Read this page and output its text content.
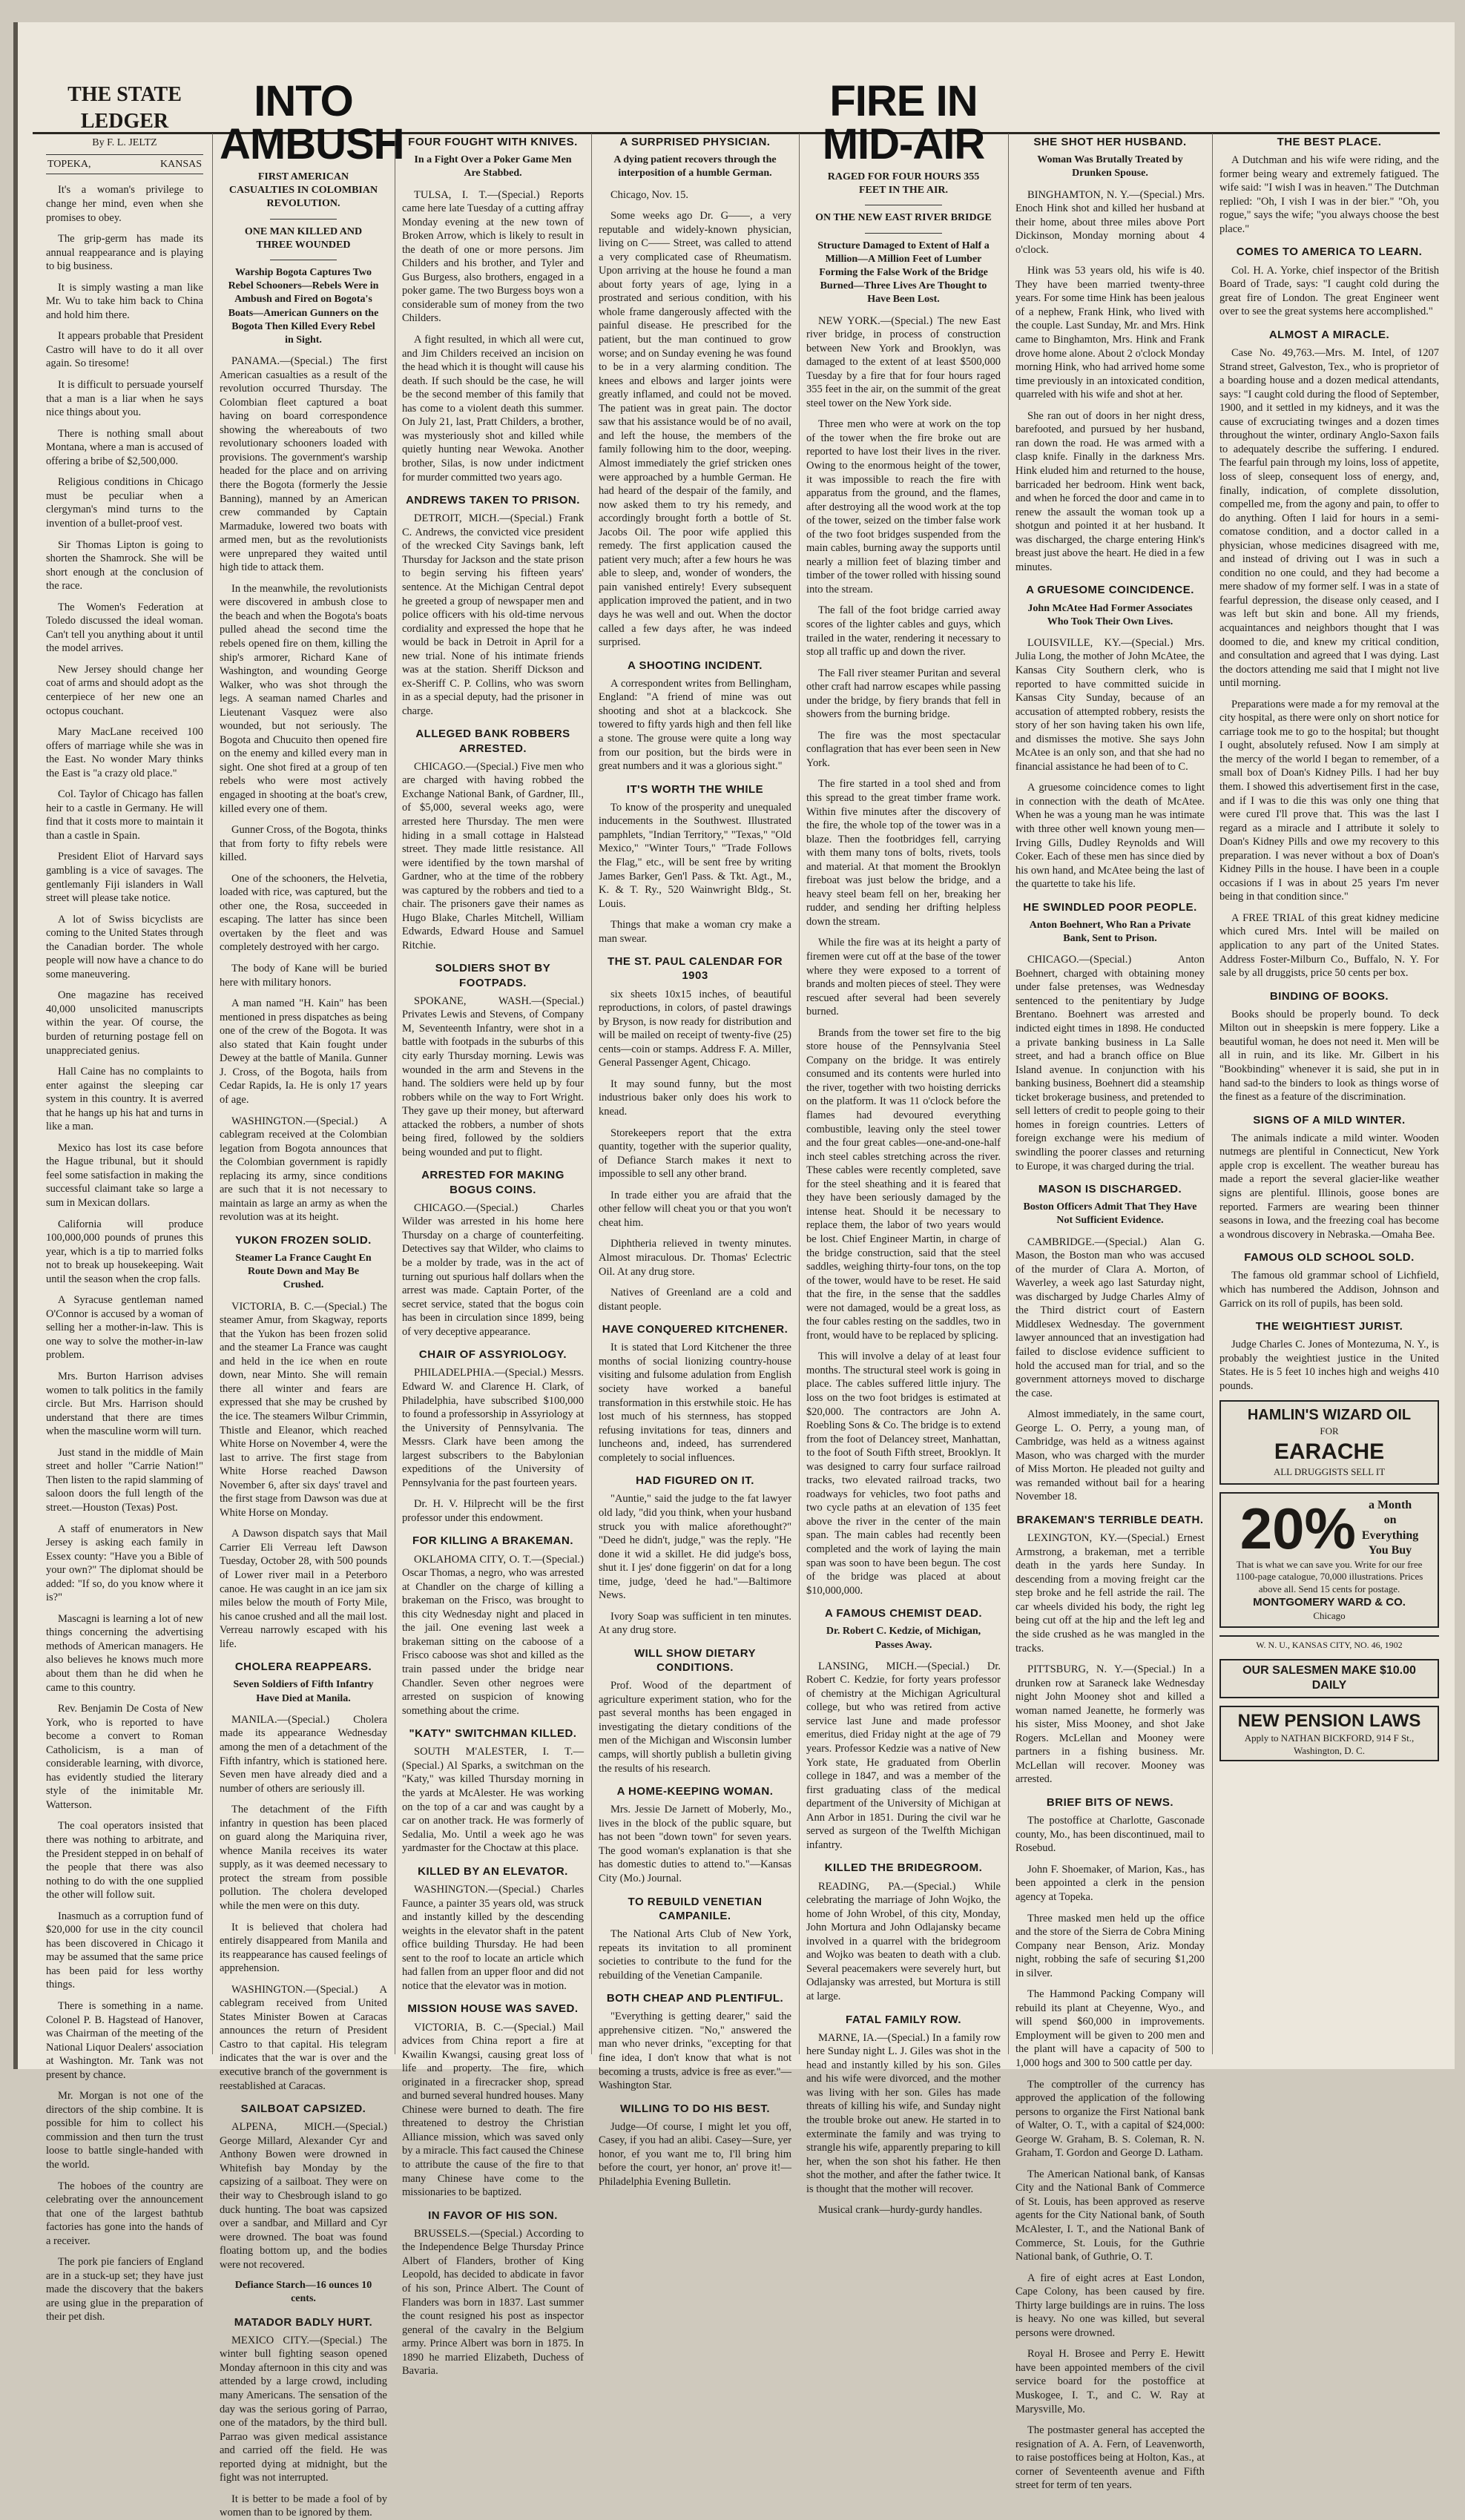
THE STATE LEDGER
By F. L. JELTZ
TOPEKA,	KANSAS

It's a woman's privilege to change her mind, even when she promises to obey.

The grip-germ has made its annual reappearance and is playing to big business.

It is simply wasting a man like Mr. Wu to take him back to China and hold him there.

It appears probable that President Castro will have to do it all over again. So tiresome!

It is difficult to persuade yourself that a man is a liar when he says nice things about you.

There is nothing small about Montana, where a man is accused of offering a bribe of $2,500,000.

Religious conditions in Chicago must be peculiar when a clergyman's mind turns to the invention of a bullet-proof vest.

Sir Thomas Lipton is going to shorten the Shamrock. She will be short enough at the conclusion of the race.

The Women's Federation at Toledo discussed the ideal woman. Can't tell you anything about it until the model arrives.

New Jersey should change her coat of arms and should adopt as the centerpiece of her new one an octopus couchant.

Mary MacLane received 100 offers of marriage while she was in the East. No wonder Mary thinks the East is "a crazy old place."

Col. Taylor of Chicago has fallen heir to a castle in Germany. He will find that it costs more to maintain it than a castle in Spain.

President Eliot of Harvard says gambling is a vice of savages. The gentlemanly Fiji islanders in Wall street will please take notice.

A lot of Swiss bicyclists are coming to the United States through the Canadian border. The whole people will now have a chance to do some maneuvering.

One magazine has received 40,000 unsolicited manuscripts within the year. Of course, the burden of returning postage fell on unappreciated genius.

Hall Caine has no complaints to enter against the sleeping car system in this country. It is averred that he hangs up his hat and turns in like a man.

Mexico has lost its case before the Hague tribunal, but it should feel some satisfaction in making the successful claimant take so large a sum in Mexican dollars.

California will produce 100,000,000 pounds of prunes this year, which is a tip to married folks not to break up housekeeping. Wait until the season when the crop falls.

A Syracuse gentleman named O'Connor is accused by a woman of selling her a mother-in-law. This is one way to solve the mother-in-law problem.

Mrs. Burton Harrison advises women to talk politics in the family circle. But Mrs. Harrison should understand that there are times when the masculine worm will turn.

Just stand in the middle of Main street and holler "Carrie Nation!" Then listen to the rapid slamming of saloon doors the full length of the street.—Houston (Texas) Post.

A staff of enumerators in New Jersey is asking each family in Essex county: "Have you a Bible of your own?" The diplomat should be added: "If so, do you know where it is?"

Mascagni is learning a lot of new things concerning the advertising methods of American managers. He also believes he knows much more about them than he did when he came to this country.

Rev. Benjamin De Costa of New York, who is reported to have become a convert to Roman Catholicism, is a man of considerable learning, with divorce, has evidently studied the literary style of the inimitable Mr. Watterson.

The coal operators insisted that there was nothing to arbitrate, and the President stepped in on behalf of the people that there was also nothing to do with the one supplied the other will follow suit.

Inasmuch as a corruption fund of $20,000 for use in the city council has been discovered in Chicago it may be assumed that the same price has been paid for less worthy things.

There is something in a name. Colonel P. B. Hagstead of Hanover, was Chairman of the meeting of the National Liquor Dealers' association at Washington. Mr. Tank was not present by chance.

Mr. Morgan is not one of the directors of the ship combine. It is possible for him to collect his commission and then turn the trust loose to battle single-handed with the world.

The hoboes of the country are celebrating over the announcement that one of the largest bathtub factories has gone into the hands of a receiver.

The pork pie fanciers of England are in a stuck-up set; they have just made the discovery that the bakers are using glue in the preparation of their pet dish.

INTO AMBUSH
FIRST AMERICAN CASUALTIES IN COLOMBIAN REVOLUTION.
ONE MAN KILLED AND THREE WOUNDED
Warship Bogota Captures Two Rebel Schooners—Rebels Were in Ambush and Fired on Bogota's Boats—American Gunners on the Bogota Then Killed Every Rebel in Sight.

PANAMA.—(Special.) The first American casualties as a result of the revolution occurred Thursday. The Colombian fleet captured a boat having on board correspondence showing the whereabouts of two revolutionary schooners loaded with provisions. The government's warship headed for the place and on arriving there the Bogota (formerly the Jessie Banning), manned by an American crew commanded by Captain Marmaduke, lowered two boats with armed men, but as the revolutionists were unprepared they waited until high tide to attack them.

In the meanwhile, the revolutionists were discovered in ambush close to the beach and when the Bogota's boats pulled ahead the second time the rebels opened fire on them, killing the ship's armorer, Richard Kane of Washington, and wounding George Walker, who was shot through the legs. A seaman named Charles and Lieutenant Vasquez were also wounded, but not seriously. The Bogota and Chucuito then opened fire on the enemy and killed every man in sight. One shot fired at a group of ten rebels who were most actively engaged in shooting at the boat's crew, killed every one of them.

Gunner Cross, of the Bogota, thinks that from forty to fifty rebels were killed.

One of the schooners, the Helvetia, loaded with rice, was captured, but the other one, the Rosa, succeeded in escaping. The latter has since been overtaken by the fleet and was completely destroyed with her cargo.

The body of Kane will be buried here with military honors.

A man named "H. Kain" has been mentioned in press dispatches as being one of the crew of the Bogota. It was also stated that Kain fought under Dewey at the battle of Manila. Gunner J. Cross, of the Bogota, hails from Cedar Rapids, Ia. He is only 17 years of age.

WASHINGTON.—(Special.) A cablegram received at the Colombian legation from Bogota announces that the Colombian government is rapidly replacing its army, since conditions are such that it is not necessary to maintain as large an army as when the revolution was at its height.

YUKON FROZEN SOLID.
Steamer La France Caught En Route Down and May Be Crushed.

VICTORIA, B. C.—(Special.) The steamer Amur, from Skagway, reports that the Yukon has been frozen solid and the steamer La France was caught and held in the ice when en route down, near Minto. She will remain there all winter and fears are expressed that she may be crushed by the ice. The steamers Wilbur Crimmin, Thistle and Eleanor, which reached White Horse on November 4, were the last to arrive. The first stage from White Horse reached Dawson November 6, after six days' travel and the first stage from Dawson was due at White Horse on Monday.

A Dawson dispatch says that Mail Carrier Eli Verreau left Dawson Tuesday, October 28, with 500 pounds of Lower river mail in a Peterboro canoe. He was caught in an ice jam six miles below the mouth of Forty Mile, his canoe crushed and all the mail lost. Verreau narrowly escaped with his life.

CHOLERA REAPPEARS.
Seven Soldiers of Fifth Infantry Have Died at Manila.

MANILA.—(Special.) Cholera made its appearance Wednesday among the men of a detachment of the Fifth infantry, which is stationed here. Seven men have already died and a number of others are seriously ill.

The detachment of the Fifth infantry in question has been placed on guard along the Mariquina river, whence Manila receives its water supply, as it was deemed necessary to protect the stream from possible pollution. The cholera developed while the men were on this duty.

It is believed that cholera had entirely disappeared from Manila and its reappearance has caused feelings of apprehension.

WASHINGTON.—(Special.) A cablegram received from United States Minister Bowen at Caracas announces the return of President Castro to that capital. His telegram indicates that the war is over and the executive branch of the government is reestablished at Caracas.

SAILBOAT CAPSIZED.

ALPENA, MICH.—(Special.) George Millard, Alexander Cyr and Anthony Bowen were drowned in Whitefish bay Monday by the capsizing of a sailboat. They were on their way to Chesbrough island to go duck hunting. The boat was capsized over a sandbar, and Millard and Cyr were drowned. The boat was found floating bottom up, and the bodies were not recovered.

Defiance Starch—16 ounces 10 cents.
MATADOR BADLY HURT.

MEXICO CITY.—(Special.) The winter bull fighting season opened Monday afternoon in this city and was attended by a large crowd, including many Americans. The sensation of the day was the serious goring of Parrao, one of the matadors, by the third bull. Parrao was given medical assistance and carried off the field. He was reported dying at midnight, but the fight was not interrupted.

It is better to be made a fool of by women than to be ignored by them.

FOUR FOUGHT WITH KNIVES.
In a Fight Over a Poker Game Men Are Stabbed.

TULSA, I. T.—(Special.) Reports came here late Tuesday of a cutting affray Monday evening at the new town of Broken Arrow, which is likely to result in the death of one or more persons. Jim Childers and his brother, and Tyler and Gus Burgess, also brothers, engaged in a poker game. The two Burgess boys won a considerable sum of money from the two Childers.

A fight resulted, in which all were cut, and Jim Childers received an incision on the head which it is thought will cause his death. If such should be the case, he will be the second member of this family that has come to a violent death this summer. On July 21, last, Pratt Childers, a brother, was mysteriously shot and killed while quietly hunting near Wewoka. Another brother, Silas, is now under indictment for murder committed two years ago.

ANDREWS TAKEN TO PRISON.

DETROIT, MICH.—(Special.) Frank C. Andrews, the convicted vice president of the wrecked City Savings bank, left Thursday for Jackson and the state prison to begin serving his fifteen years' sentence. At the Michigan Central depot he greeted a group of newspaper men and police officers with his old-time nervous cordiality and expressed the hope that he would be back in Detroit in April for a new trial. None of his intimate friends was at the station. Sheriff Dickson and ex-Sheriff C. P. Collins, who was sworn in as a special deputy, had the prisoner in charge.

ALLEGED BANK ROBBERS ARRESTED.

CHICAGO.—(Special.) Five men who are charged with having robbed the Exchange National Bank, of Gardner, Ill., of $5,000, several weeks ago, were arrested here Thursday. The men were hiding in a small cottage in Halstead street. They made little resistance. All were identified by the town marshal of Gardner, who at the time of the robbery was captured by the robbers and tied to a chair. The prisoners gave their names as Hugo Blake, Charles Mitchell, William Edwards, Edward House and Samuel Ritchie.

SOLDIERS SHOT BY FOOTPADS.

SPOKANE, WASH.—(Special.) Privates Lewis and Stevens, of Company M, Seventeenth Infantry, were shot in a battle with footpads in the suburbs of this city early Thursday morning. Lewis was wounded in the arm and Stevens in the hand. The soldiers were held up by four robbers while on the way to Fort Wright. They gave up their money, but afterward attacked the robbers, a number of shots being fired, followed by the soldiers being wounded and put to flight.

ARRESTED FOR MAKING BOGUS COINS.

CHICAGO.—(Special.) Charles Wilder was arrested in his home here Thursday on a charge of counterfeiting. Detectives say that Wilder, who claims to be a molder by trade, was in the act of turning out spurious half dollars when the arrest was made. Captain Porter, of the secret service, stated that the bogus coin has been in circulation since 1899, being of very deceptive appearance.

CHAIR OF ASSYRIOLOGY.

PHILADELPHIA.—(Special.) Messrs. Edward W. and Clarence H. Clark, of Philadelphia, have subscribed $100,000 to found a professorship in Assyriology at the University of Pennsylvania. The Messrs. Clark have been among the largest subscribers to the Babylonian expeditions of the University of Pennsylvania for the past fourteen years.

Dr. H. V. Hilprecht will be the first professor under this endowment.

FOR KILLING A BRAKEMAN.

OKLAHOMA CITY, O. T.—(Special.) Oscar Thomas, a negro, who was arrested at Chandler on the charge of killing a brakeman on the Frisco, was brought to this city Wednesday night and placed in the jail. One evening last week a brakeman sitting on the caboose of a Frisco caboose was shot and killed as the train passed under the bridge near Chandler. Seven other negroes were arrested on suspicion of knowing something about the crime.

"KATY" SWITCHMAN KILLED.

SOUTH M'ALESTER, I. T.—(Special.) Al Sparks, a switchman on the "Katy," was killed Thursday morning in the yards at McAlester. He was working on the top of a car and was caught by a car on another track. He was formerly of Sedalia, Mo. Until a week ago he was yardmaster for the Choctaw at this place.

KILLED BY AN ELEVATOR.

WASHINGTON.—(Special.) Charles Faunce, a painter 35 years old, was struck and instantly killed by the descending weights in the elevator shaft in the patent office building Thursday. He had been sent to the roof to locate an article which had fallen from an upper floor and did not notice that the elevator was in motion.

MISSION HOUSE WAS SAVED.

VICTORIA, B. C.—(Special.) Mail advices from China report a fire at Kwailin Kwangsi, causing great loss of life and property. The fire, which originated in a firecracker shop, spread and burned several hundred houses. Many Chinese were burned to death. The fire threatened to destroy the Christian Alliance mission, which was saved only by a miracle. This fact caused the Chinese to attribute the cause of the fire to that many Chinese have come to the missionaries to be baptized.

IN FAVOR OF HIS SON.

BRUSSELS.—(Special.) According to the Independence Belge Thursday Prince Albert of Flanders, brother of King Leopold, has decided to abdicate in favor of his son, Prince Albert. The Count of Flanders was born in 1837. Last summer the count resigned his post as inspector general of the cavalry in the Belgium army. Prince Albert was born in 1875. In 1890 he married Elizabeth, Duchess of Bavaria.

A SURPRISED PHYSICIAN.
A dying patient recovers through the interposition of a humble German.

Chicago, Nov. 15.

Some weeks ago Dr. G——, a very reputable and widely-known physician, living on C—— Street, was called to attend a very complicated case of Rheumatism. Upon arriving at the house he found a man about forty years of age, lying in a prostrated and serious condition, with his whole frame dangerously affected with the painful disease. He prescribed for the patient, but the man continued to grow worse; and on Sunday evening he was found to be in a very alarming condition. The knees and elbows and larger joints were greatly inflamed, and could not be moved. The patient was in great pain. The doctor saw that his assistance would be of no avail, and left the house, the members of the family following him to the door, weeping. Almost immediately the grief stricken ones were approached by a humble German. He had heard of the despair of the family, and now asked them to try his remedy, and accordingly brought forth a bottle of St. Jacobs Oil. The poor wife applied this remedy. The first application caused the patient very much; after a few hours he was able to sleep, and, wonder of wonders, the pain vanished entirely! Every subsequent application improved the patient, and in two days he was well and out. When the doctor called a few days after, he was indeed surprised.

A SHOOTING INCIDENT.

A correspondent writes from Bellingham, England: "A friend of mine was out shooting and shot at a blackcock. She towered to fifty yards high and then fell like a stone. The grouse were quite a long way from our position, but the birds were in great numbers and it was a glorious sight."

IT'S WORTH THE WHILE

To know of the prosperity and unequaled inducements in the Southwest. Illustrated pamphlets, "Indian Territory," "Texas," "Old Mexico," "Winter Tours," "Trade Follows the Flag," etc., will be sent free by writing James Barker, Gen'l Pass. & Tkt. Agt., M., K. & T. Ry., 520 Wainwright Bldg., St. Louis.

Things that make a woman cry make a man swear.

THE ST. PAUL CALENDAR FOR 1903

six sheets 10x15 inches, of beautiful reproductions, in colors, of pastel drawings by Bryson, is now ready for distribution and will be mailed on receipt of twenty-five (25) cents—coin or stamps. Address F. A. Miller, General Passenger Agent, Chicago.

It may sound funny, but the most industrious baker only does his work to knead.

Storekeepers report that the extra quantity, together with the superior quality, of Defiance Starch makes it next to impossible to sell any other brand.

In trade either you are afraid that the other fellow will cheat you or that you won't cheat him.

Diphtheria relieved in twenty minutes. Almost miraculous. Dr. Thomas' Eclectric Oil. At any drug store.

Natives of Greenland are a cold and distant people.

HAVE CONQUERED KITCHENER.

It is stated that Lord Kitchener the three months of social lionizing country-house visiting and fulsome adulation from English society have worked a baneful transformation in this erstwhile stoic. He has lost much of his sternness, has stopped refusing invitations for teas, dinners and luncheons and, indeed, has surrendered completely to social influences.

HAD FIGURED ON IT.

"Auntie," said the judge to the fat lawyer old lady, "did you think, when your husband struck you with malice aforethought?" "Deed he didn't, judge," was the reply. "He done it wid a skillet. He did judge's boss, shut it. I jes' done figgerin' on dat for a long time, judge, 'deed he had."—Baltimore News.

Ivory Soap was sufficient in ten minutes. At any drug store.

WILL SHOW DIETARY CONDITIONS.

Prof. Wood of the department of agriculture experiment station, who for the past several months has been engaged in investigating the dietary conditions of the men of the Michigan and Wisconsin lumber camps, will shortly publish a bulletin giving the results of his research.

A HOME-KEEPING WOMAN.

Mrs. Jessie De Jarnett of Moberly, Mo., lives in the block of the public square, but has not been "down town" for seven years. The good woman's explanation is that she has domestic duties to attend to."—Kansas City (Mo.) Journal.

TO REBUILD VENETIAN CAMPANILE.

The National Arts Club of New York, repeats its invitation to all prominent societies to contribute to the fund for the rebuilding of the Venetian Campanile.

BOTH CHEAP AND PLENTIFUL.

"Everything is getting dearer," said the apprehensive citizen. "No," answered the man who never drinks, "excepting for that fine idea, I don't know that what is not becoming a trusts, advice is free as ever."—Washington Star.

WILLING TO DO HIS BEST.

Judge—Of course, I might let you off, Casey, if you had an alibi. Casey—Sure, yer honor, ef you want me to, I'll bring him before the court, yer honor, an' prove it!—Philadelphia Evening Bulletin.

FIRE IN MID-AIR
RAGED FOR FOUR HOURS 355 FEET IN THE AIR.
ON THE NEW EAST RIVER BRIDGE
Structure Damaged to Extent of Half a Million—A Million Feet of Lumber Forming the False Work of the Bridge Burned—Three Lives Are Thought to Have Been Lost.

NEW YORK.—(Special.) The new East river bridge, in process of construction between New York and Brooklyn, was damaged to the extent of at least $500,000 Tuesday by a fire that for four hours raged 355 feet in the air, on the summit of the great steel tower on the New York side.

Three men who were at work on the top of the tower when the fire broke out are reported to have lost their lives in the river. Owing to the enormous height of the tower, it was impossible to reach the fire with apparatus from the ground, and the flames, after destroying all the wood work at the top of the tower, seized on the timber false work of the two foot bridges suspended from the main cables, burning away the supports until nearly a million feet of blazing timber and timber of the tower rolled with hissing sound into the stream.

The fall of the foot bridge carried away scores of the lighter cables and guys, which trailed in the water, rendering it necessary to stop all traffic up and down the river.

The Fall river steamer Puritan and several other craft had narrow escapes while passing under the bridge, by fiery brands that fell in showers from the burning bridge.

The fire was the most spectacular conflagration that has ever been seen in New York.

The fire started in a tool shed and from this spread to the great timber frame work. Within five minutes after the discovery of the fire, the whole top of the tower was in a blaze. Then the footbridges fell, carrying with them many tons of bolts, rivets, tools and material. At that moment the Brooklyn fireboat was just below the bridge, and a heavy steel beam fell on her, breaking her rudder, and sending her drifting helpless down the stream.

While the fire was at its height a party of firemen were cut off at the base of the tower where they were exposed to a torrent of brands and molten pieces of steel. They were rescued after several had been severely burned.

Brands from the tower set fire to the big store house of the Pennsylvania Steel Company on the bridge. It was entirely consumed and its contents were hurled into the river, together with two hoisting derricks on the platform. It was 11 o'clock before the flames had devoured everything combustible, leaving only the steel tower and the four great cables—one-and-one-half inch steel cables stretching across the river. These cables were recently completed, save for the steel sheathing and it is feared that they have been seriously damaged by the intense heat. Should it be necessary to replace them, the labor of two years would be lost. Chief Engineer Martin, in charge of the bridge construction, said that the steel saddles, weighing thirty-four tons, on the top of the tower, would have to be reset. He said that the fire, in the sense that the saddles were not damaged, would be a great loss, as the four cables resting on the saddles, two in front, would have to be replaced by splicing.

This will involve a delay of at least four months. The structural steel work is going in place. The cables suffered little injury. The loss on the two foot bridges is estimated at $20,000. The contractors are John A. Roebling Sons & Co. The bridge is to extend from the foot of Delancey street, Manhattan, to the foot of South Fifth street, Brooklyn. It was designed to carry four surface railroad tracks, two elevated railroad tracks, two roadways for vehicles, two foot paths and two cycle paths at an elevation of 135 feet above the river in the center of the main span. The main cables had recently been completed and the work of laying the main span was soon to have been begun. The cost of the bridge was placed at about $10,000,000.

A FAMOUS CHEMIST DEAD.
Dr. Robert C. Kedzie, of Michigan, Passes Away.

LANSING, MICH.—(Special.) Dr. Robert C. Kedzie, for forty years professor of chemistry at the Michigan Agricultural college, but who was retired from active service last June and made professor emeritus, died Friday night at the age of 79 years. Professor Kedzie was a native of New York state, He graduated from Oberlin college in 1847, and was a member of the first graduating class of the medical department of the University of Michigan at Ann Arbor in 1851. During the civil war he served as surgeon of the Twelfth Michigan infantry.

KILLED THE BRIDEGROOM.

READING, PA.—(Special.) While celebrating the marriage of John Wojko, the home of John Wrobel, of this city, Monday, John Mortura and John Odlajansky became involved in a quarrel with the bridegroom and Wojko was beaten to death with a club. Several peacemakers were severely hurt, but Odlajansky was arrested, but Mortura is still at large.

FATAL FAMILY ROW.

MARNE, IA.—(Special.) In a family row here Sunday night L. J. Giles was shot in the head and instantly killed by his son. Giles and his wife were divorced, and the mother was living with her son. Giles has made threats of killing his wife, and Sunday night the trouble broke out anew. He started in to exterminate the family and was trying to strangle his wife, apparently preparing to kill her, when the son shot his father. He then shot the mother, and after the father twice. It is thought that the mother will recover.

Musical crank—hurdy-gurdy handles.

SHE SHOT HER HUSBAND.
Woman Was Brutally Treated by Drunken Spouse.

BINGHAMTON, N. Y.—(Special.) Mrs. Enoch Hink shot and killed her husband at their home, about three miles above Port Dickinson, Monday morning about 4 o'clock.

Hink was 53 years old, his wife is 40. They have been married twenty-three years. For some time Hink has been jealous of a nephew, Frank Hink, who lived with the couple. Last Sunday, Mr. and Mrs. Hink came to Binghamton, Mrs. Hink and Frank drove home alone. About 2 o'clock Monday morning Hink, who had arrived home some time previously in an intoxicated condition, quarreled with his wife and shot at her.

She ran out of doors in her night dress, barefooted, and pursued by her husband, ran down the road. He was armed with a clasp knife. Finally in the darkness Mrs. Hink eluded him and returned to the house, barricaded her bedroom. Hink went back, and when he forced the door and came in to renew the assault the woman took up a shotgun and pointed it at her husband. It was discharged, the charge entering Hink's breast just above the heart. He died in a few minutes.

A GRUESOME COINCIDENCE.
John McAtee Had Former Associates Who Took Their Own Lives.

LOUISVILLE, KY.—(Special.) Mrs. Julia Long, the mother of John McAtee, the Kansas City Southern clerk, who is reported to have committed suicide in Kansas City Sunday, because of an accusation of attempted robbery, resists the story of her son having taken his own life, and dismisses the motive. She says John McAtee is an only son, and that she had no financial assistance he had been of to C.

A gruesome coincidence comes to light in connection with the death of McAtee. When he was a young man he was intimate with three other well known young men—Irving Gills, Dudley Reynolds and Will Coker. Each of these men has since died by his own hand, and McAtee being the last of the quartette to take his life.

HE SWINDLED POOR PEOPLE.
Anton Boehnert, Who Ran a Private Bank, Sent to Prison.

CHICAGO.—(Special.) Anton Boehnert, charged with obtaining money under false pretenses, was Wednesday sentenced to the penitentiary by Judge Brentano. Boehnert was arrested and indicted eight times in 1898. He conducted a private banking business in La Salle street, and had a branch office on Blue Island avenue. In conjunction with his banking business, Boehnert did a steamship ticket brokerage business, and pretended to sell letters of credit to people going to their homes in foreign countries. Letters of foreign exchange were his medium of swindling the poorer classes and returning to Europe, it was charged during the trial.

MASON IS DISCHARGED.
Boston Officers Admit That They Have Not Sufficient Evidence.

CAMBRIDGE.—(Special.) Alan G. Mason, the Boston man who was accused of the murder of Clara A. Morton, of Waverley, a week ago last Saturday night, was discharged by Judge Charles Almy of the Third district court of Eastern Middlesex Wednesday. The government lawyer announced that an investigation had failed to disclose evidence sufficient to hold the accused man for trial, and so the government attorneys moved to discharge the case.

Almost immediately, in the same court, George L. O. Perry, a young man, of Cambridge, was held as a witness against Mason, who was charged with the murder of Miss Morton. He pleaded not guilty and was remanded without bail for a hearing November 18.

BRAKEMAN'S TERRIBLE DEATH.

LEXINGTON, KY.—(Special.) Ernest Armstrong, a brakeman, met a terrible death in the yards here Sunday. In descending from a moving freight car the step broke and he fell astride the rail. The car wheels divided his body, the right leg being cut off at the hip and the left leg and the side crushed as he was mangled in the tracks.

PITTSBURG, N. Y.—(Special.) In a drunken row at Saraneck lake Wednesday night John Mooney shot and killed a woman named Jeanette, he formerly was his sister, Miss Mooney, and shot Jake Rogers. McLellan and Mooney were partners in a fishing business. Mr. McLellan will recover. Mooney was arrested.

BRIEF BITS OF NEWS.

The postoffice at Charlotte, Gasconade county, Mo., has been discontinued, mail to Rosebud.

John F. Shoemaker, of Marion, Kas., has been appointed a clerk in the pension agency at Topeka.

Three masked men held up the office and the store of the Sierra de Cobra Mining Company near Benson, Ariz. Monday night, robbing the safe of securing $1,200 in silver.

The Hammond Packing Company will rebuild its plant at Cheyenne, Wyo., and will spend $60,000 in improvements. Employment will be given to 200 men and the plant will have a capacity of 500 to 1,000 hogs and 300 to 500 cattle per day.

The comptroller of the currency has approved the application of the following persons to organize the First National bank of Walter, O. T., with a capital of $24,000: George W. Graham, B. S. Coleman, R. N. Graham, T. Gordon and George D. Latham.

The American National bank, of Kansas City and the National Bank of Commerce of St. Louis, has been approved as reserve agents for the City National bank, of South McAlester, I. T., and the National Bank of Commerce, St. Louis, for the Guthrie National bank, of Guthrie, O. T.

A fire of eight acres at East London, Cape Colony, has been caused by fire. Thirty large buildings are in ruins. The loss is heavy. No one was killed, but several persons were drowned.

Royal H. Brosee and Perry E. Hewitt have been appointed members of the civil service board for the postoffice at Muskogee, I. T., and C. W. Ray at Marysville, Mo.

The postmaster general has accepted the resignation of A. A. Fern, of Leavenworth, to raise postoffices being at Holton, Kas., at corner of Seventeenth avenue and Fifth street for term of ten years.

THE BEST PLACE.

A Dutchman and his wife were riding, and the former being weary and extremely fatigued. The wife said: "I wish I was in heaven." The Dutchman replied: "Oh, I vish I was in der bier." "Oh, you rogue," says the wife; "you always choose the best place."

COMES TO AMERICA TO LEARN.

Col. H. A. Yorke, chief inspector of the British Board of Trade, says: "I caught cold during the great fire of London. The great Engineer went over to see the great systems here accomplished."

ALMOST A MIRACLE.

Case No. 49,763.—Mrs. M. Intel, of 1207 Strand street, Galveston, Tex., who is proprietor of a boarding house and a dozen medical attendants, says: "I caught cold during the flood of September, 1900, and it settled in my kidneys, and it was the cause of excruciating twinges and a dozen times throughout the winter, ordinary Anglo-Saxon fails to adequately describe the suffering. I endured. The fearful pain through my loins, loss of appetite, loss of sleep, consequent loss of energy, and, finally, indication, of complete dissolution, compelled me, from the agony and pain, to offer to do anything. Often I laid for hours in a semi-comatose condition, and a doctor called in a physician, whose medicines disagreed with me, and instead of driving out I was in such a condition no one could, and they had become a mere shadow of my former self. I was in a state of fearful depression, the disease only ceased, and I was left but skin and bone. All my friends, acquaintances and neighbors thought that I was doomed to die, and knew my critical condition, and consultation and agreed that I was dying. Last the doctors attending me said that I might not live until morning.

Preparations were made a for my removal at the city hospital, as there were only on short notice for carriage took me to go to the hospital; but thought I ought, absolutely refused. Now I am simply at the mercy of the world I began to remember, of a small box of Doan's Kidney Pills. I had her buy them. I showed this advertisement first in the case, and if I was to die this was only one thing that were cured I'll prove that. This was the last I regard as a miracle and I attribute it solely to Doan's Kidney Pills and owe my recovery to this preparation. I was never without a box of Doan's Kidney Pills in the house. I have been in a couple occasions if I was in about 25 years I'm never being in that condition since."

A FREE TRIAL of this great kidney medicine which cured Mrs. Intel will be mailed on application to any part of the United States. Address Foster-Milburn Co., Buffalo, N. Y. For sale by all druggists, price 50 cents per box.

BINDING OF BOOKS.

Books should be properly bound. To deck Milton out in sheepskin is mere foppery. Like a beautiful woman, he does not need it. Men will be all in ruin, and its like. Mr. Gilbert in his "Bookbinding" whenever it is said, she put in in hand sad-to the binders to look as things worse of the finest as a feature of the discrimination.

SIGNS OF A MILD WINTER.

The animals indicate a mild winter. Wooden nutmegs are plentiful in Connecticut, New York apple crop is excellent. The weather bureau has made a report the several glacier-like weather signs are plentiful. Illinois, goose bones are reported. Farmers are wearing been thinner seasons in Iowa, and the freezing coal has become a wondrous discovery in Nebraska.—Omaha Bee.

FAMOUS OLD SCHOOL SOLD.

The famous old grammar school of Lichfield, which has numbered the Addison, Johnson and Garrick on its roll of pupils, has been sold.

THE WEIGHTIEST JURIST.

Judge Charles C. Jones of Montezuma, N. Y., is probably the weightiest justice in the United States. He is 5 feet 10 inches high and weighs 410 pounds.

HAMLIN'S WIZARD OIL
FOR
EARACHE
ALL DRUGGISTS SELL IT
20%	a Month
on
Everything
You Buy
That is what we can save you. Write for our free 1100-page catalogue, 70,000 illustrations. Prices above all. Send 15 cents for postage.
MONTGOMERY WARD & CO.
Chicago
W. N. U., KANSAS CITY, NO. 46, 1902
OUR SALESMEN MAKE $10.00 DAILY
NEW PENSION LAWS
Apply to NATHAN BICKFORD, 914 F St., Washington, D. C.
